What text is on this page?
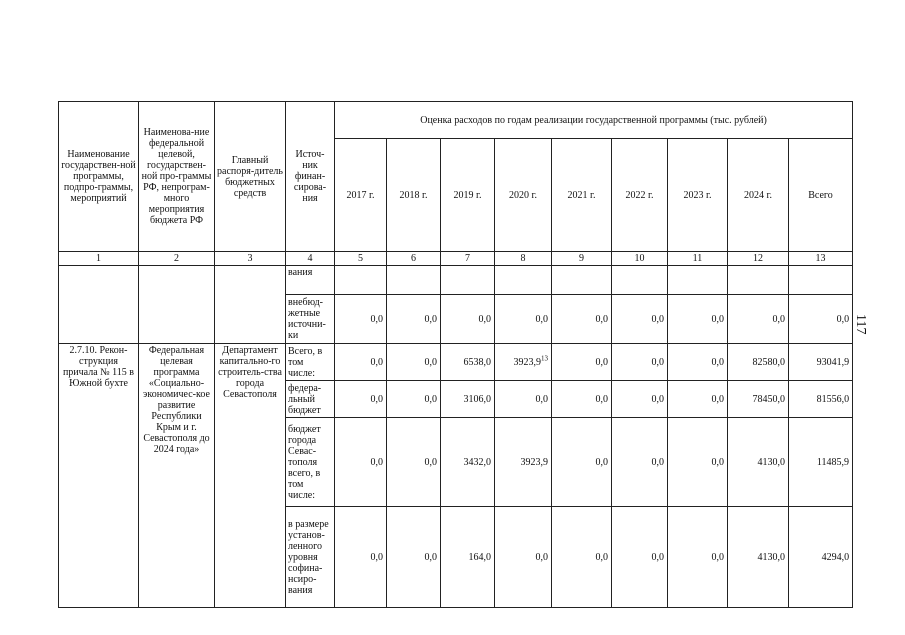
Наименование государствен-ной программы, подпро-граммы, мероприятий	Наименова-ние федеральной целевой, государствен-ной про-граммы РФ, непрограм-много мероприятия бюджета РФ	Главный распоря-дитель бюджетных средств	Источ-ник финан-сирова-ния	Оценка расходов по годам реализации государственной программы (тыс. рублей)								
				2017 г.	2018 г.	2019 г.	2020 г.	2021 г.	2022 г.	2023 г.	2024 г.	Всего
1	2	3	4	5	6	7	8	9	10	11	12	13
			вания									
			внебюд-жетные источни-ки	0,0	0,0	0,0	0,0	0,0	0,0	0,0	0,0	0,0
2.7.10. Рекон-струкция причала № 115 в Южной бухте	Федеральная целевая программа «Социально-экономичес-кое развитие Республики Крым и г. Севастополя до 2024 года»	Департамент капитально-го строитель-ства города Севастополя	Всего, в том числе:	0,0	0,0	6538,0	3923,9$^{13}$	0,0	0,0	0,0	82580,0	93041,9
			федера-льный бюджет	0,0	0,0	3106,0	0,0	0,0	0,0	0,0	78450,0	81556,0
			бюджет города Севас-тополя всего, в том числе:	0,0	0,0	3432,0	3923,9	0,0	0,0	0,0	4130,0	11485,9
			в размере установ-ленного уровня софина-нсиро-вания	0,0	0,0	164,0	0,0	0,0	0,0	0,0	4130,0	4294,0
117
